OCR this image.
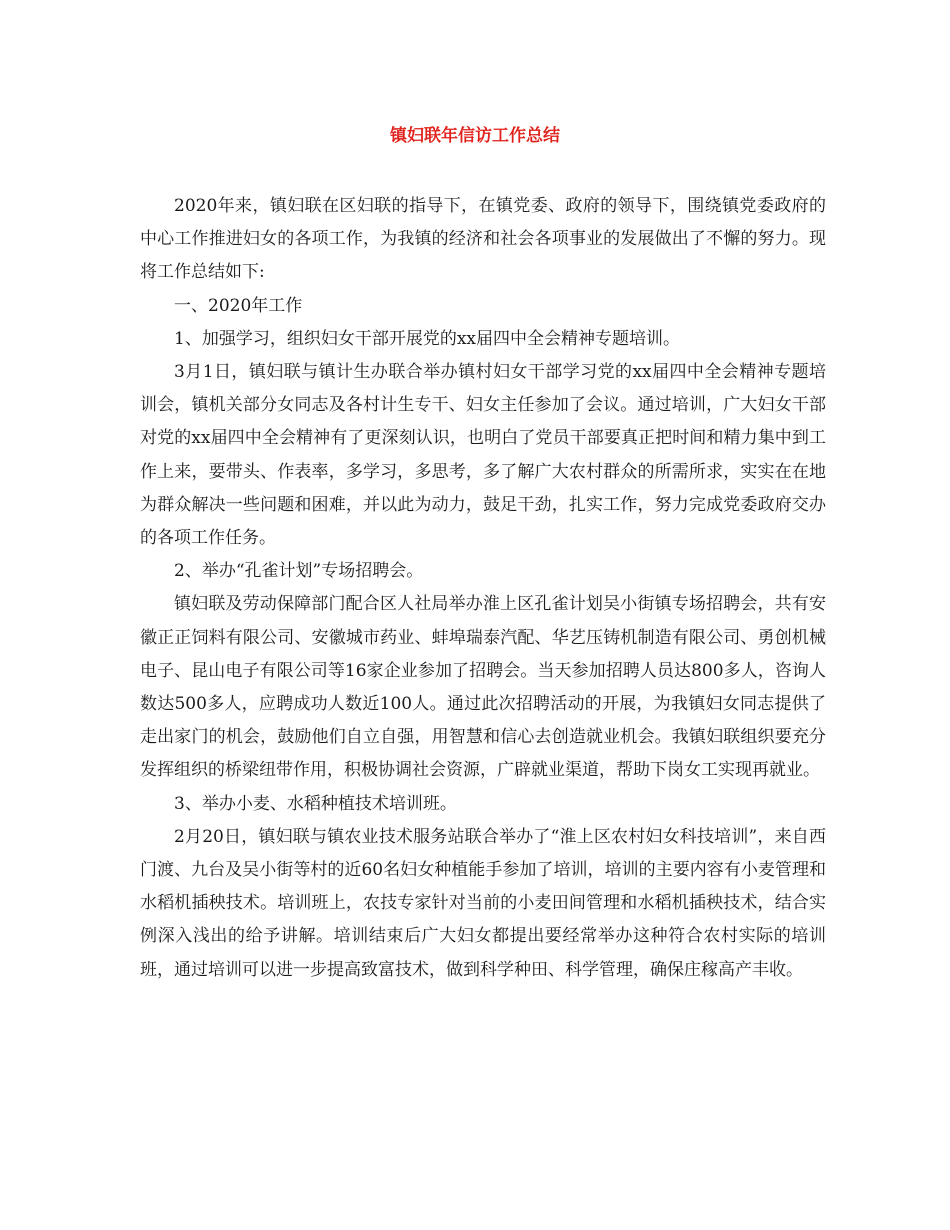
镇妇联年信访工作总结

2020年来，镇妇联在区妇联的指导下，在镇党委、政府的领导下，围绕镇党委政府的中心工作推进妇女的各项工作，为我镇的经济和社会各项事业的发展做出了不懈的努力。现将工作总结如下:

一、2020年工作

1、加强学习，组织妇女干部开展党的xx届四中全会精神专题培训。

3月1日，镇妇联与镇计生办联合举办镇村妇女干部学习党的xx届四中全会精神专题培训会，镇机关部分女同志及各村计生专干、妇女主任参加了会议。通过培训，广大妇女干部对党的xx届四中全会精神有了更深刻认识，也明白了党员干部要真正把时间和精力集中到工作上来，要带头、作表率，多学习，多思考，多了解广大农村群众的所需所求，实实在在地为群众解决一些问题和困难，并以此为动力，鼓足干劲，扎实工作，努力完成党委政府交办的各项工作任务。

2、举办“孔雀计划”专场招聘会。

镇妇联及劳动保障部门配合区人社局举办淮上区孔雀计划吴小街镇专场招聘会，共有安徽正正饲料有限公司、安徽城市药业、蚌埠瑞泰汽配、华艺压铸机制造有限公司、勇创机械电子、昆山电子有限公司等16家企业参加了招聘会。当天参加招聘人员达800多人，咨询人数达500多人，应聘成功人数近100人。通过此次招聘活动的开展，为我镇妇女同志提供了走出家门的机会，鼓励他们自立自强，用智慧和信心去创造就业机会。我镇妇联组织要充分发挥组织的桥梁纽带作用，积极协调社会资源，广辟就业渠道，帮助下岗女工实现再就业。

3、举办小麦、水稻种植技术培训班。

2月20日，镇妇联与镇农业技术服务站联合举办了“淮上区农村妇女科技培训”，来自西门渡、九台及吴小街等村的近60名妇女种植能手参加了培训，培训的主要内容有小麦管理和水稻机插秧技术。培训班上，农技专家针对当前的小麦田间管理和水稻机插秧技术，结合实例深入浅出的给予讲解。培训结束后广大妇女都提出要经常举办这种符合农村实际的培训班，通过培训可以进一步提高致富技术，做到科学种田、科学管理，确保庄稼高产丰收。
